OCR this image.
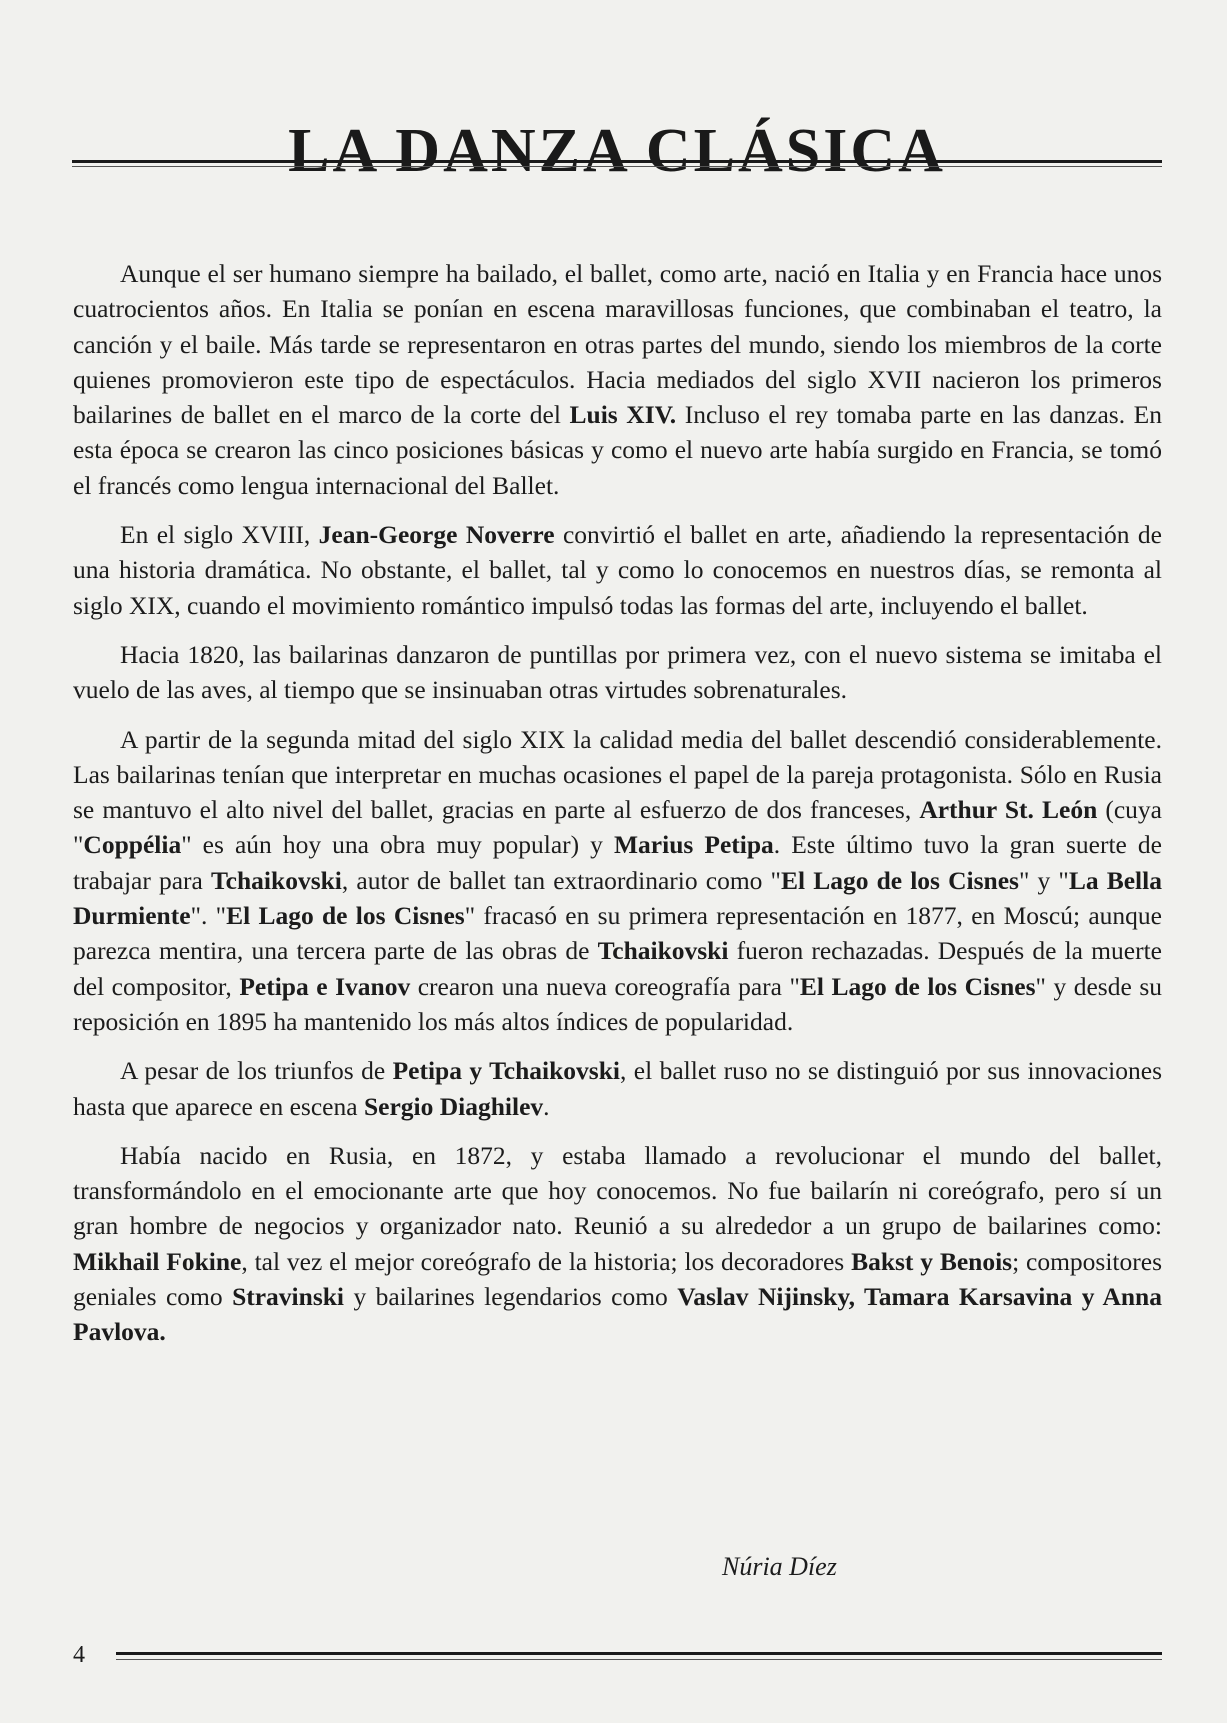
LA DANZA CLÁSICA

Aunque el ser humano siempre ha bailado, el ballet, como arte, nació en Italia y en Francia hace unos cuatrocientos años. En Italia se ponían en escena maravillosas funciones, que combinaban el teatro, la canción y el baile. Más tarde se representaron en otras partes del mundo, siendo los miembros de la corte quienes promovieron este tipo de espectáculos. Hacia mediados del siglo XVII nacieron los primeros bailarines de ballet en el marco de la corte del Luis XIV. Incluso el rey tomaba parte en las danzas. En esta época se crearon las cinco posiciones básicas y como el nuevo arte había surgido en Francia, se tomó el francés como lengua internacional del Ballet.

En el siglo XVIII, Jean-George Noverre convirtió el ballet en arte, añadiendo la representación de una historia dramática. No obstante, el ballet, tal y como lo conocemos en nuestros días, se remonta al siglo XIX, cuando el movimiento romántico impulsó todas las formas del arte, incluyendo el ballet.

Hacia 1820, las bailarinas danzaron de puntillas por primera vez, con el nuevo sistema se imitaba el vuelo de las aves, al tiempo que se insinuaban otras virtudes sobrenaturales.

A partir de la segunda mitad del siglo XIX la calidad media del ballet descendió considerablemente. Las bailarinas tenían que interpretar en muchas ocasiones el papel de la pareja protagonista. Sólo en Rusia se mantuvo el alto nivel del ballet, gracias en parte al esfuerzo de dos franceses, Arthur St. León (cuya "Coppélia" es aún hoy una obra muy popular) y Marius Petipa. Este último tuvo la gran suerte de trabajar para Tchaikovski, autor de ballet tan extraordinario como "El Lago de los Cisnes" y "La Bella Durmiente". "El Lago de los Cisnes" fracasó en su primera representación en 1877, en Moscú; aunque parezca mentira, una tercera parte de las obras de Tchaikovski fueron rechazadas. Después de la muerte del compositor, Petipa e Ivanov crearon una nueva coreografía para "El Lago de los Cisnes" y desde su reposición en 1895 ha mantenido los más altos índices de popularidad.

A pesar de los triunfos de Petipa y Tchaikovski, el ballet ruso no se distinguió por sus innovaciones hasta que aparece en escena Sergio Diaghilev.

Había nacido en Rusia, en 1872, y estaba llamado a revolucionar el mundo del ballet, transformándolo en el emocionante arte que hoy conocemos. No fue bailarín ni coreógrafo, pero sí un gran hombre de negocios y organizador nato. Reunió a su alrededor a un grupo de bailarines como: Mikhail Fokine, tal vez el mejor coreógrafo de la historia; los decoradores Bakst y Benois; compositores geniales como Stravinski y bailarines legendarios como Vaslav Nijinsky, Tamara Karsavina y Anna Pavlova.

Núria Díez
4
